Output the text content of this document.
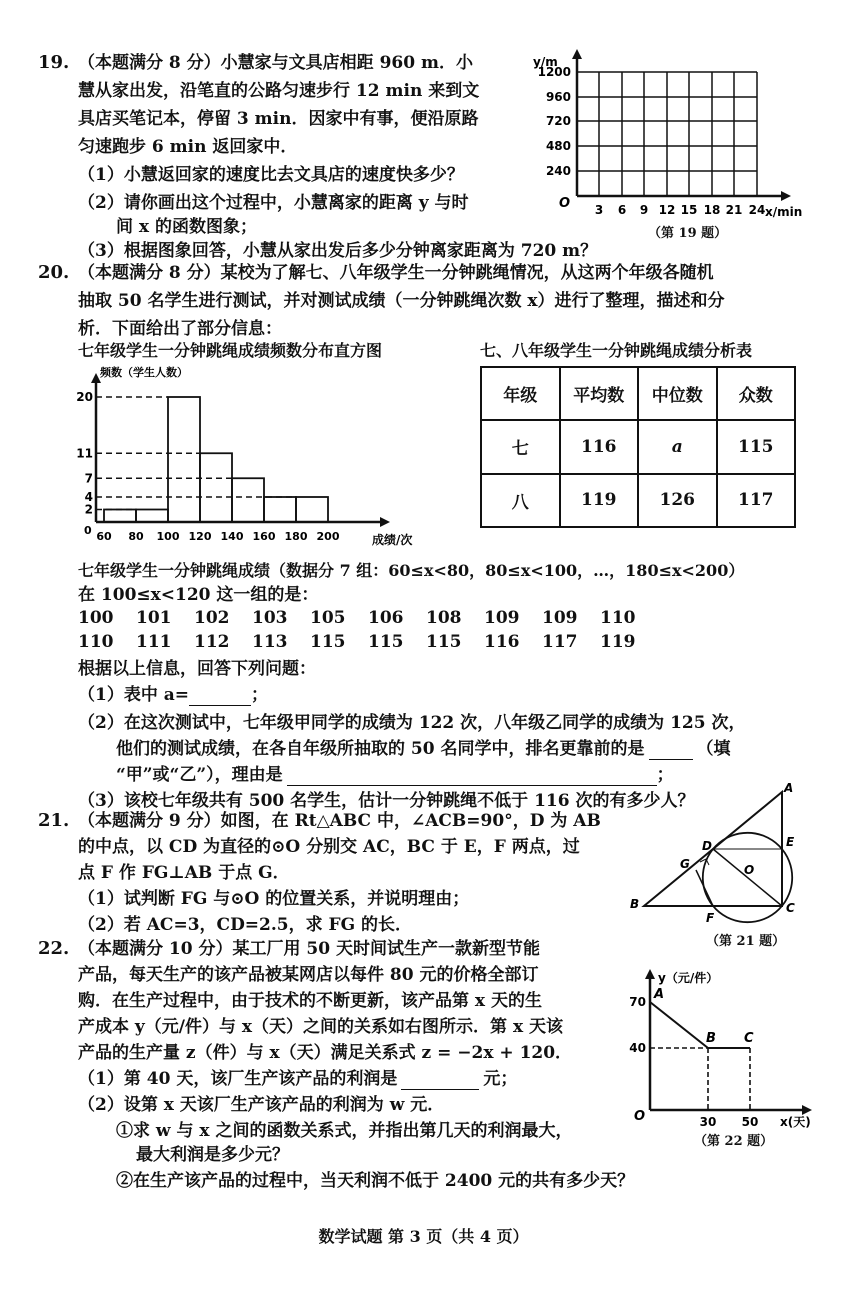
19. （本题满分 8 分）小慧家与文具店相距 960 m．小
慧从家出发，沿笔直的公路匀速步行 12 min 来到文
具店买笔记本，停留 3 min．因家中有事，便沿原路
匀速跑步 6 min 返回家中．
（1）小慧返回家的速度比去文具店的速度快多少？
（2）请你画出这个过程中，小慧离家的距离 y 与时
间 x 的函数图象；
（3）根据图象回答，小慧从家出发后多少分钟离家距离为 720 m？
y/m
x/min
O
240
480
720
960
1200
3 6 9 12 15 18 21 24
（第 19 题）
20. （本题满分 8 分）某校为了解七、八年级学生一分钟跳绳情况，从这两个年级各随机
抽取 50 名学生进行测试，并对测试成绩（一分钟跳绳次数 x）进行了整理，描述和分
析．下面给出了部分信息：
七年级学生一分钟跳绳成绩频数分布直方图	七、八年级学生一分钟跳绳成绩分析表
频数（学生人数）
成绩/次
0
2
4
7
11
20
60 80 100 120 140 160 180 200
年级	平均数	中位数	众数
七	116	a	115
八	119	126	117
七年级学生一分钟跳绳成绩（数据分 7 组：60≤x<80，80≤x<100，…，180≤x<200）
在 100≤x<120 这一组的是：
100 101 102 103 105 106 108 109 109 110
110 111 112 113 115 115 115 116 117 119
根据以上信息，回答下列问题：
（1）表中 a=	；
（2）在这次测试中，七年级甲同学的成绩为 122 次，八年级乙同学的成绩为 125 次，
他们的测试成绩，在各自年级所抽取的 50 名同学中，排名更靠前的是	（填
“甲”或“乙”），理由是	；
（3）该校七年级共有 500 名学生，估计一分钟跳绳不低于 116 次的有多少人？
21. （本题满分 9 分）如图，在 Rt△ABC 中，∠ACB=90°，D 为 AB
的中点，以 CD 为直径的⊙O 分别交 AC，BC 于 E，F 两点，过
点 F 作 FG⊥AB 于点 G．
（1）试判断 FG 与⊙O 的位置关系，并说明理由；
（2）若 AC=3，CD=2.5，求 FG 的长．
A
B	C
D	E
F
G	O
（第 21 题）
22. （本题满分 10 分）某工厂用 50 天时间试生产一款新型节能
产品，每天生产的该产品被某网店以每件 80 元的价格全部订
购．在生产过程中，由于技术的不断更新，该产品第 x 天的生
产成本 y（元/件）与 x（天）之间的关系如右图所示．第 x 天该
产品的生产量 z（件）与 x（天）满足关系式 z = −2x + 120．
（1）第 40 天，该厂生产该产品的利润是	元；
（2）设第 x 天该厂生产该产品的利润为 w 元．
①求 w 与 x 之间的函数关系式，并指出第几天的利润最大，
最大利润是多少元？
②在生产该产品的过程中，当天利润不低于 2400 元的共有多少天？
y（元/件）
x(天)
O
40
70
30 50
A
B C
（第 22 题）
数学试题 第 3 页（共 4 页）
